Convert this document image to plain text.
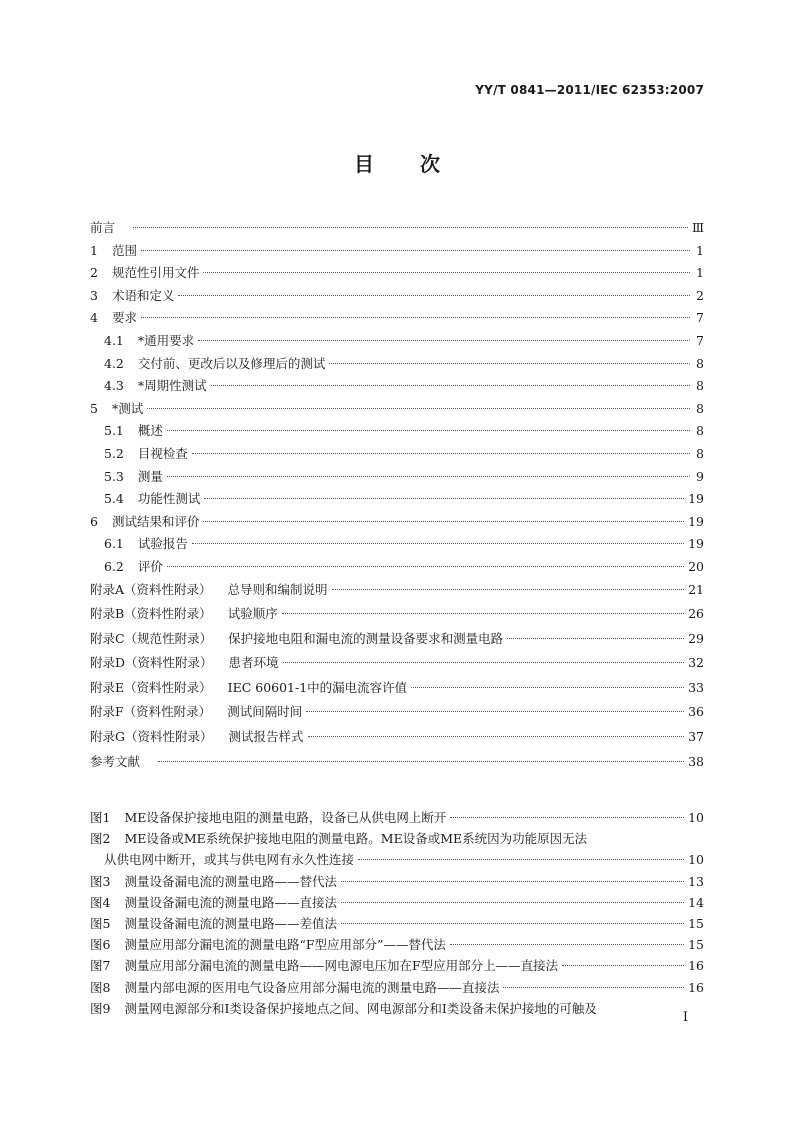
YY/T 0841—2011/IEC 62353:2007
目次
前言	Ⅲ
1 范围	1
2 规范性引用文件	1
3 术语和定义	2
4 要求	7
4.1 *通用要求	7
4.2 交付前、更改后以及修理后的测试	8
4.3 *周期性测试	8
5 *测试	8
5.1 概述	8
5.2 目视检查	8
5.3 测量	9
5.4 功能性测试	19
6 测试结果和评价	19
6.1 试验报告	19
6.2 评价	20
附录A（资料性附录） 总导则和编制说明	21
附录B（资料性附录） 试验顺序	26
附录C（规范性附录） 保护接地电阻和漏电流的测量设备要求和测量电路	29
附录D（资料性附录） 患者环境	32
附录E（资料性附录） IEC 60601-1中的漏电流容许值	33
附录F（资料性附录） 测试间隔时间	36
附录G（资料性附录） 测试报告样式	37
参考文献	38
图1 ME设备保护接地电阻的测量电路，设备已从供电网上断开	10
图2 ME设备或ME系统保护接地电阻的测量电路。ME设备或ME系统因为功能原因无法
从供电网中断开，或其与供电网有永久性连接	10
图3 测量设备漏电流的测量电路——替代法	13
图4 测量设备漏电流的测量电路——直接法	14
图5 测量设备漏电流的测量电路——差值法	15
图6 测量应用部分漏电流的测量电路“F型应用部分”——替代法	15
图7 测量应用部分漏电流的测量电路——网电源电压加在F型应用部分上——直接法	16
图8 测量内部电源的医用电气设备应用部分漏电流的测量电路——直接法	16
图9 测量网电源部分和Ⅰ类设备保护接地点之间、网电源部分和Ⅰ类设备未保护接地的可触及
I
